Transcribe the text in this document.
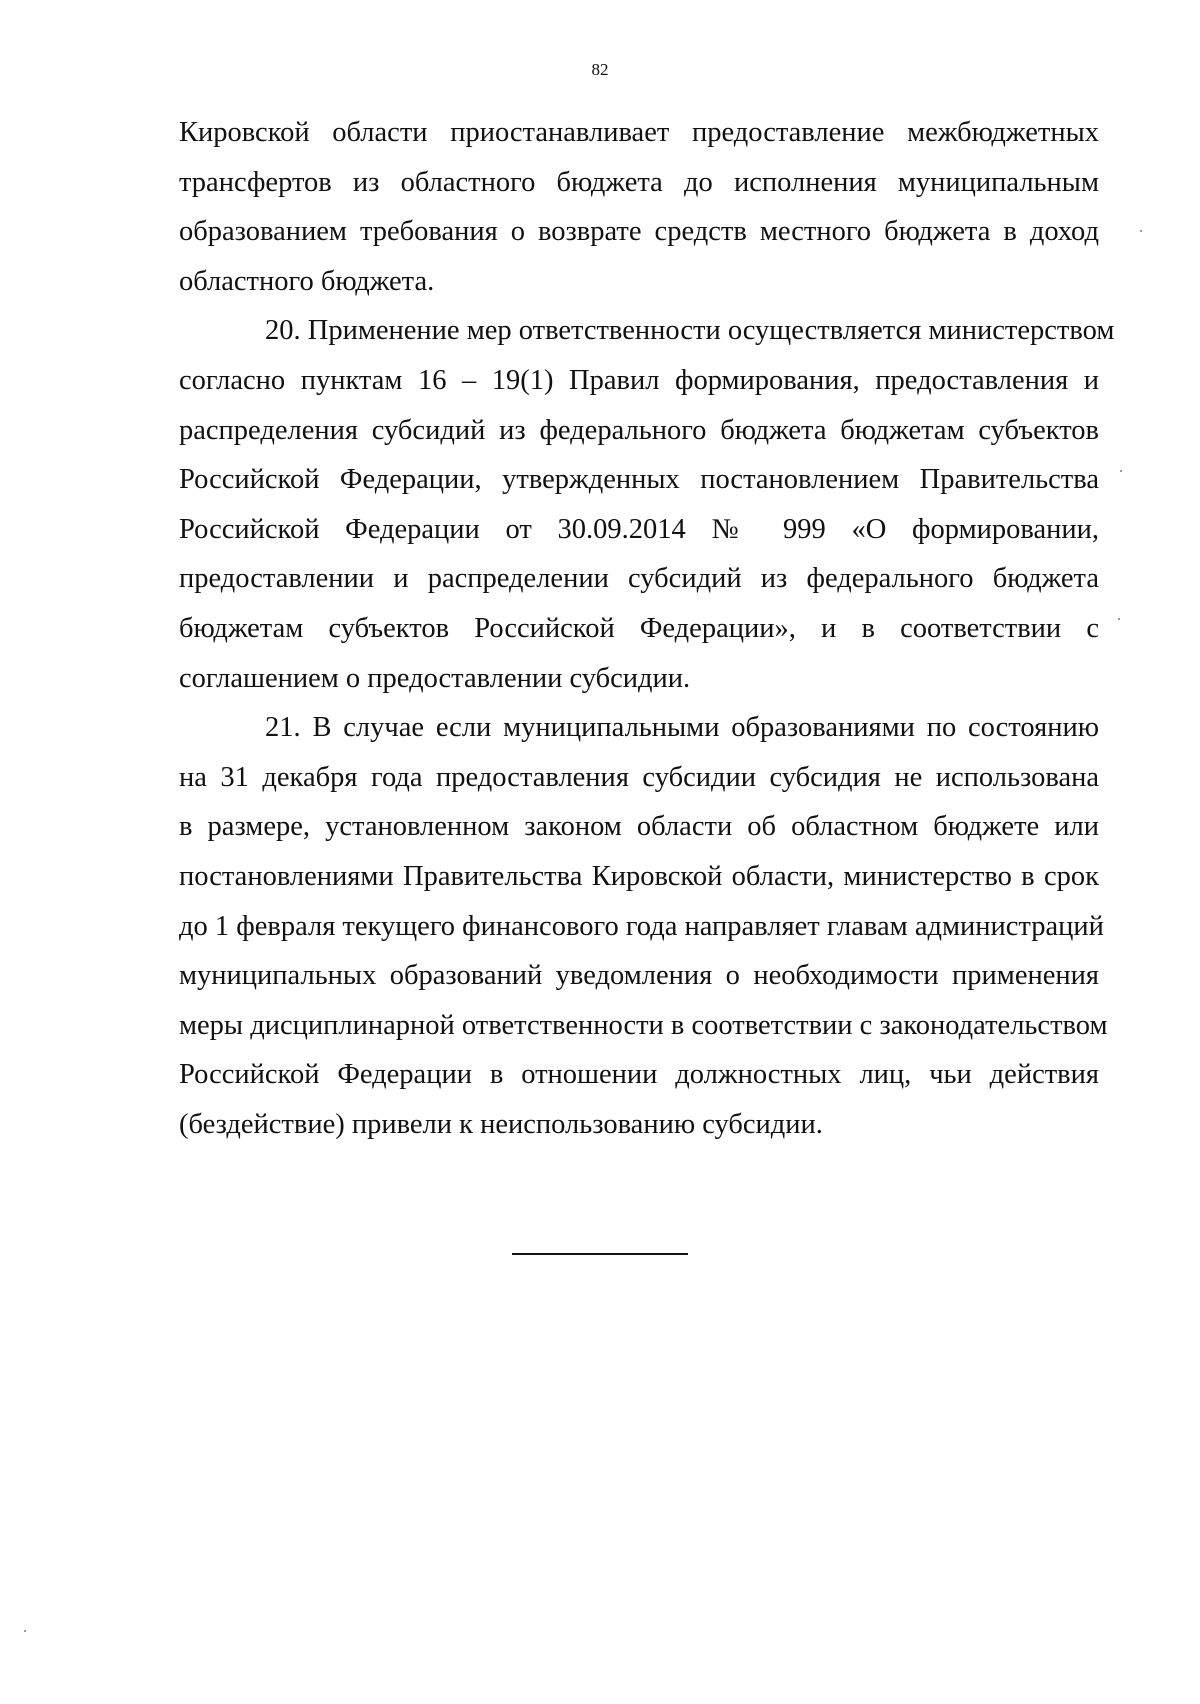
82
Кировской области приостанавливает предоставление межбюджетных
трансфертов из областного бюджета до исполнения муниципальным
образованием требования о возврате средств местного бюджета в доход
областного бюджета.
20. Применение мер ответственности осуществляется министерством
согласно пунктам 16 – 19(1) Правил формирования, предоставления и
распределения субсидий из федерального бюджета бюджетам субъектов
Российской Федерации, утвержденных постановлением Правительства
Российской Федерации от 30.09.2014 № 999 «О формировании,
предоставлении и распределении субсидий из федерального бюджета
бюджетам субъектов Российской Федерации», и в соответствии с
соглашением о предоставлении субсидии.
21. В случае если муниципальными образованиями по состоянию
на 31 декабря года предоставления субсидии субсидия не использована
в размере, установленном законом области об областном бюджете или
постановлениями Правительства Кировской области, министерство в срок
до 1 февраля текущего финансового года направляет главам администраций
муниципальных образований уведомления о необходимости применения
меры дисциплинарной ответственности в соответствии с законодательством
Российской Федерации в отношении должностных лиц, чьи действия
(бездействие) привели к неиспользованию субсидии.
